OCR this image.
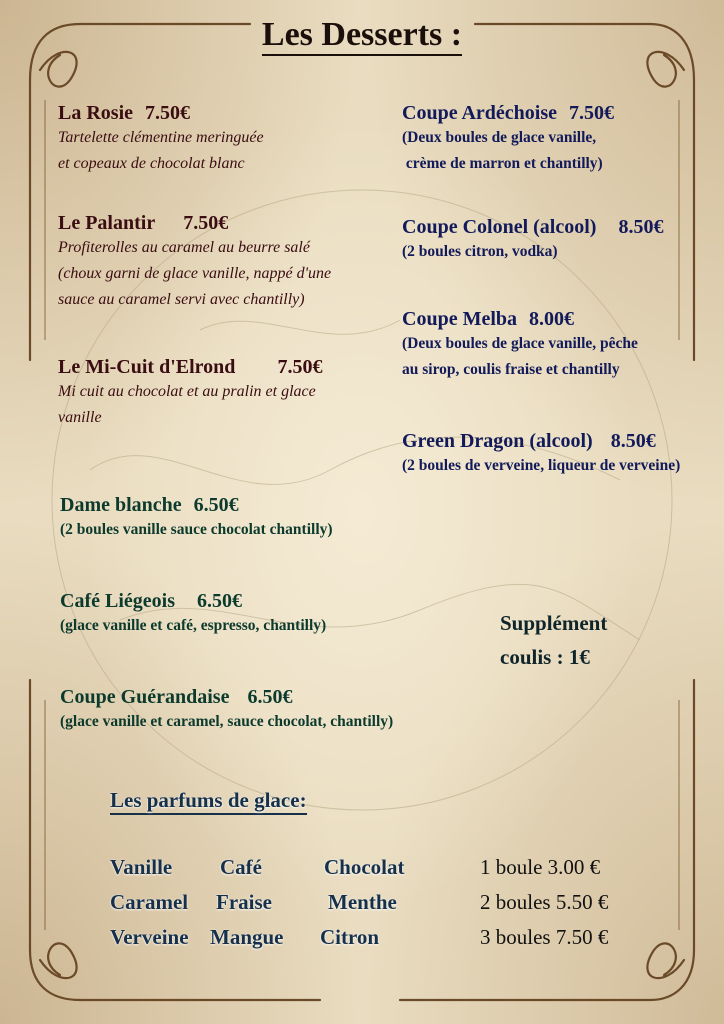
Les Desserts :
La Rosie 7.50€
Tartelette clémentine meringuée
et copeaux de chocolat blanc
Le Palantir 7.50€
Profiterolles au caramel au beurre salé
(choux garni de glace vanille, nappé d'une
sauce au caramel servi avec chantilly)
Le Mi-Cuit d'Elrond 7.50€
Mi cuit au chocolat et au pralin et glace
vanille
Coupe Ardéchoise 7.50€
(Deux boules de glace vanille,
crème de marron et chantilly)
Coupe Colonel (alcool) 8.50€
(2 boules citron, vodka)
Coupe Melba 8.00€
(Deux boules de glace vanille, pêche
au sirop, coulis fraise et chantilly
Green Dragon (alcool) 8.50€
(2 boules de verveine, liqueur de verveine)
Dame blanche 6.50€
(2 boules vanille sauce chocolat chantilly)
Café Liégeois 6.50€
(glace vanille et café, espresso, chantilly)
Coupe Guérandaise 6.50€
(glace vanille et caramel, sauce chocolat, chantilly)
Supplément
coulis : 1€
Les parfums de glace:
Vanille Café	Chocolat
Caramel Fraise	Menthe
Verveine Mangue Citron
1 boule 3.00 €
2 boules 5.50 €
3 boules 7.50 €
